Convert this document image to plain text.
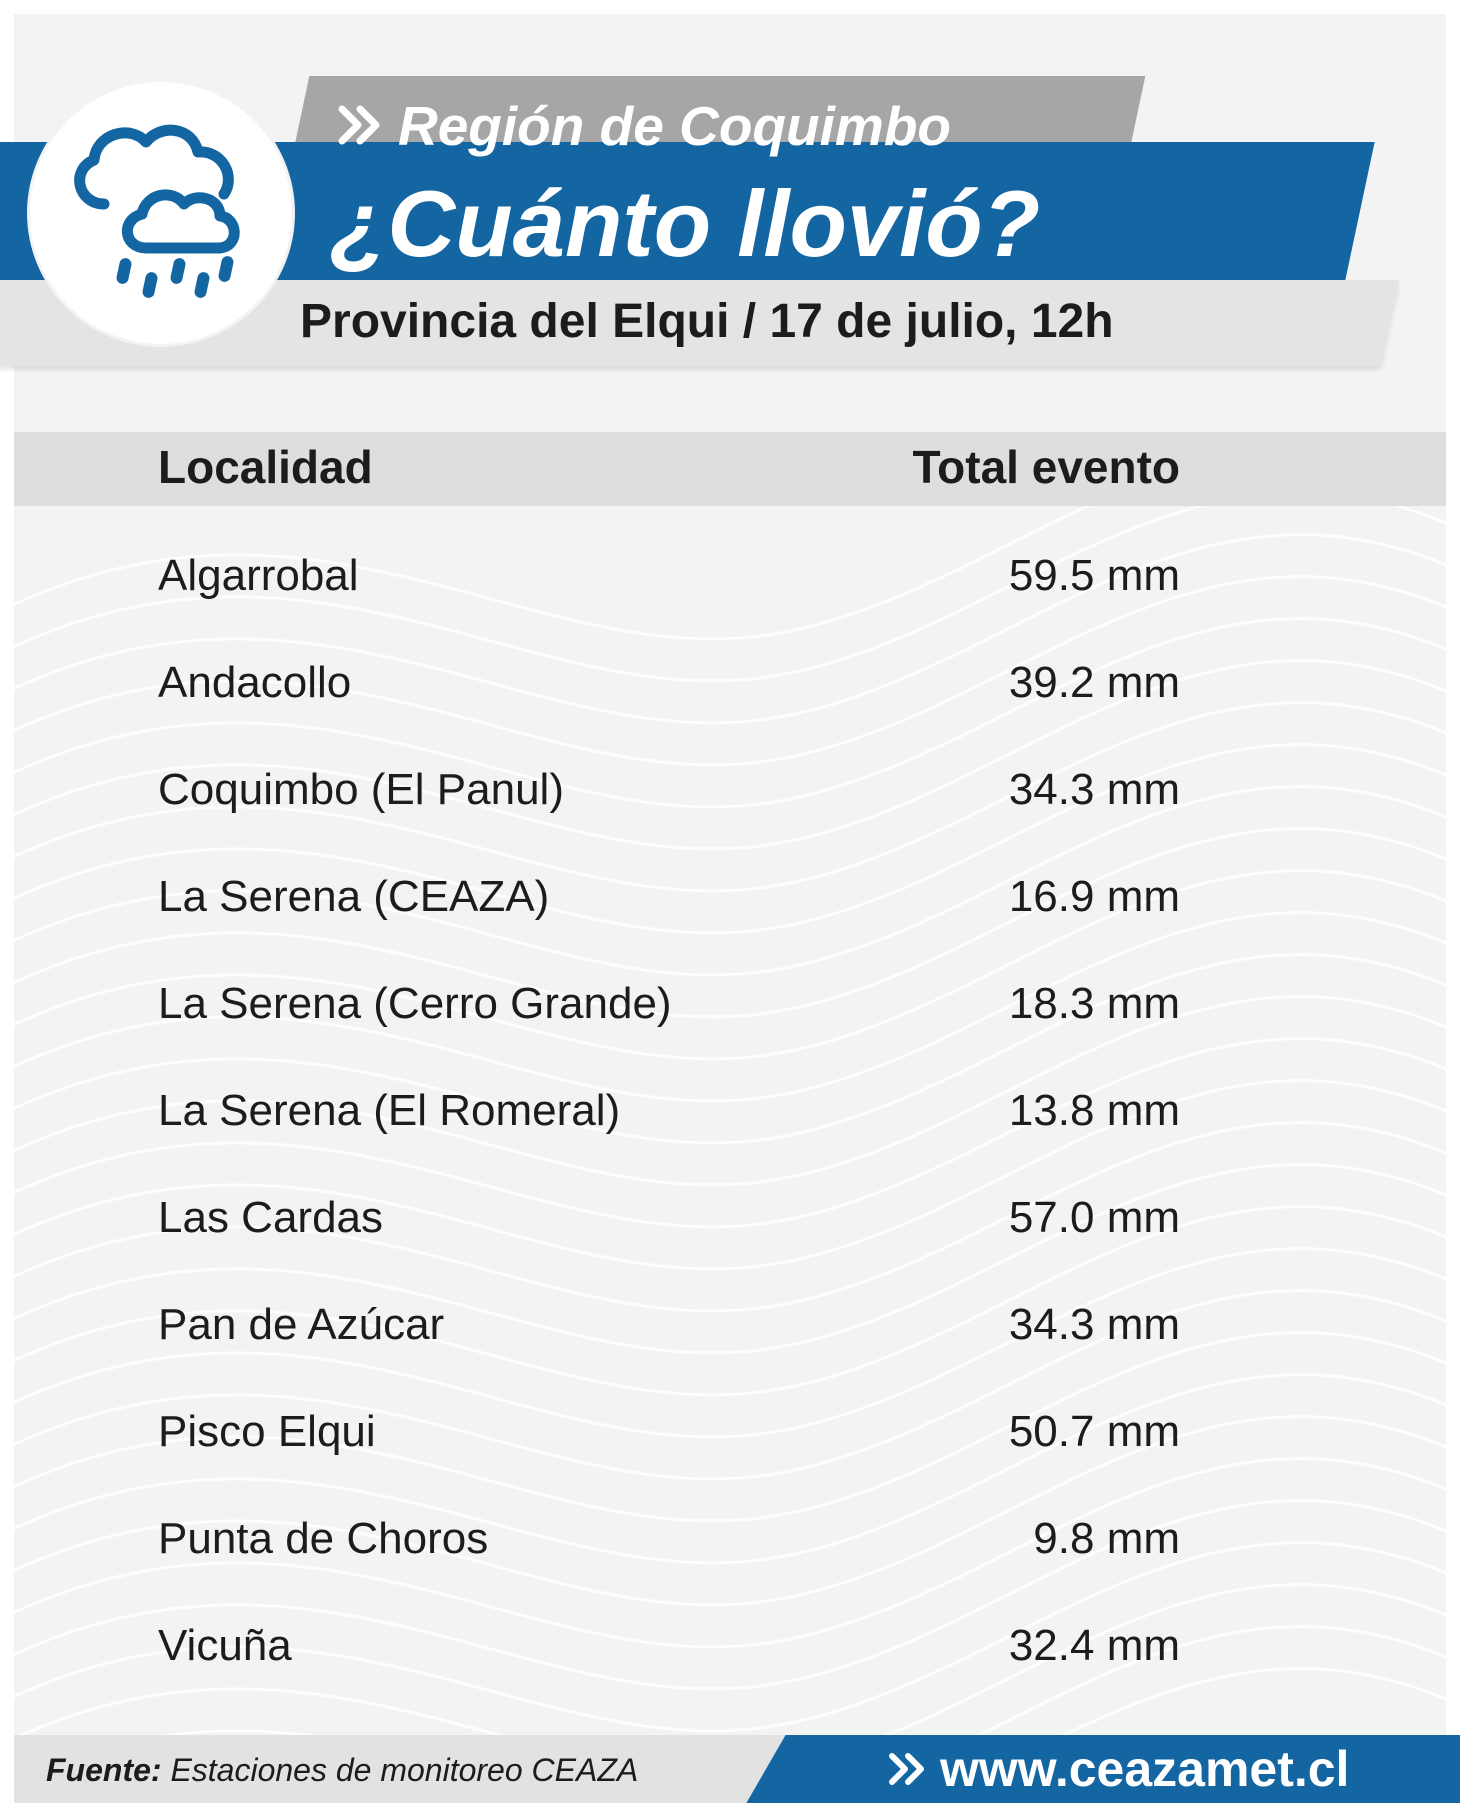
Región de Coquimbo
¿Cuánto llovió?
Provincia del Elqui / 17 de julio, 12h
Localidad	Total evento
Algarrobal	59.5 mm
Andacollo	39.2 mm
Coquimbo (El Panul)	34.3 mm
La Serena (CEAZA)	16.9 mm
La Serena (Cerro Grande)	18.3 mm
La Serena (El Romeral)	13.8 mm
Las Cardas	57.0 mm
Pan de Azúcar	34.3 mm
Pisco Elqui	50.7 mm
Punta de Choros	9.8 mm
Vicuña	32.4 mm
Fuente: Estaciones de monitoreo CEAZA	www.ceazamet.cl
